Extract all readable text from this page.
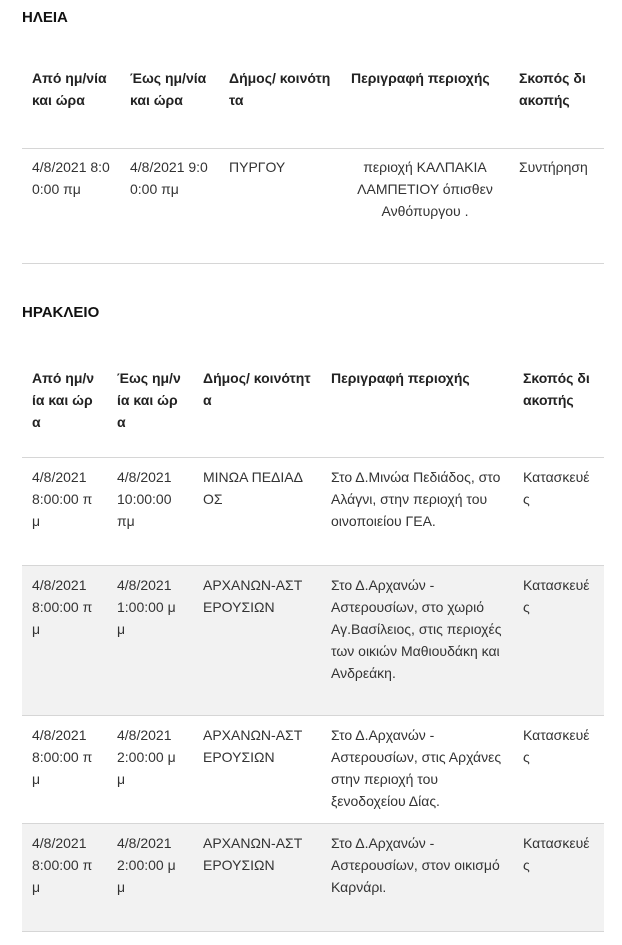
ΗΛΕΙΑ
Από ημ/νία και ώρα	Έως ημ/νία και ώρα	Δήμος/ κοινότητα	Περιγραφή περιοχής	Σκοπός διακοπής
4/8/2021 8:00:00 πμ	4/8/2021 9:00:00 πμ	ΠΥΡΓΟΥ	περιοχή ΚΑΛΠΑΚΙΑ ΛΑΜΠΕΤΙΟΥ όπισθεν Ανθόπυργου .	Συντήρηση
ΗΡΑΚΛΕΙΟ
Από ημ/νία και ώρα	Έως ημ/νία και ώρα	Δήμος/ κοινότητα	Περιγραφή περιοχής	Σκοπός διακοπής
4/8/2021 8:00:00 πμ	4/8/2021 10:00:00 πμ	ΜΙΝΩΑ ΠΕΔΙΑΔΟΣ	Στο Δ.Μινώα Πεδιάδος, στο Αλάγνι, στην περιοχή του οινοποιείου ΓΕΑ.	Κατασκευές
4/8/2021 8:00:00 πμ	4/8/2021 1:00:00 μμ	ΑΡΧΑΝΩΝ-ΑΣΤΕΡΟΥΣΙΩΝ	Στο Δ.Αρχανών - Αστερουσίων, στο χωριό Αγ.Βασίλειος, στις περιοχές των οικιών Μαθιουδάκη και Ανδρεάκη.	Κατασκευές
4/8/2021 8:00:00 πμ	4/8/2021 2:00:00 μμ	ΑΡΧΑΝΩΝ-ΑΣΤΕΡΟΥΣΙΩΝ	Στο Δ.Αρχανών - Αστερουσίων, στις Αρχάνες στην περιοχή του ξενοδοχείου Δίας.	Κατασκευές
4/8/2021 8:00:00 πμ	4/8/2021 2:00:00 μμ	ΑΡΧΑΝΩΝ-ΑΣΤΕΡΟΥΣΙΩΝ	Στο Δ.Αρχανών - Αστερουσίων, στον οικισμό Καρνάρι.	Κατασκευές
